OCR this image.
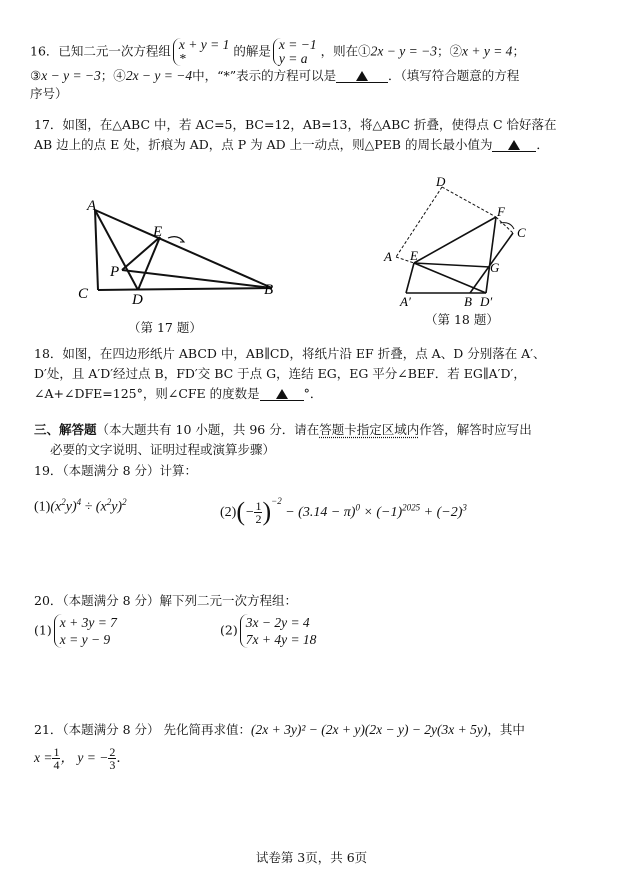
16．已知二元一次方程组 x + y = 1
*	的解是 x = −1
y = a	，则在①2x − y = −3；②x + y = 4；
③x − y = −3；④2x − y = −4中，“*”表示的方程可以是	．（填写符合题意的方程
序号）
17．如图，在△ABC 中，若 AC=5，BC=12，AB=13，将△ABC 折叠，使得点 C 恰好落在
AB 边上的点 E 处，折痕为 AD，点 P 为 AD 上一动点，则△PEB 的周长最小值为	．
A
E
P
C	D
B
（第 17 题）
D
F
C
A E
G
A′	B D′
（第 18 题）
18．如图，在四边形纸片 ABCD 中，AB∥CD，将纸片沿 EF 折叠，点 A、D 分别落在 A′、
D′处，且 A′D′经过点 B，FD′交 BC 于点 G，连结 EG，EG 平分∠BEF．若 EG∥A′D′，
∠A+∠DFE=125°，则∠CFE 的度数是	°．
三、解答题（本大题共有 10 小题，共 96 分．请在答题卡指定区域内作答，解答时应写出
必要的文字说明、证明过程或演算步骤）
19．（本题满分 8 分）计算：
$(1)(x^2y)^4 \div (x^2y)^2$
$(2)(- \frac{1}{2} )^{-2} - (3.14 - \pi)^0 \times (-1)^{2025} + (-2)^3$
20．（本题满分 8 分）解下列二元一次方程组：
(1) x + 3y = 7
x = y − 9
(2) 3x − 2y = 4
7x + 4y = 18
21．（本题满分 8 分） 先化简再求值：(2x + 3y)² − (2x + y)(2x − y) − 2y(3x + 5y)，其中
$x = \frac{1}{4}$ ， y = − $\frac{2}{3}$ ．
试卷第 3页，共 6页
